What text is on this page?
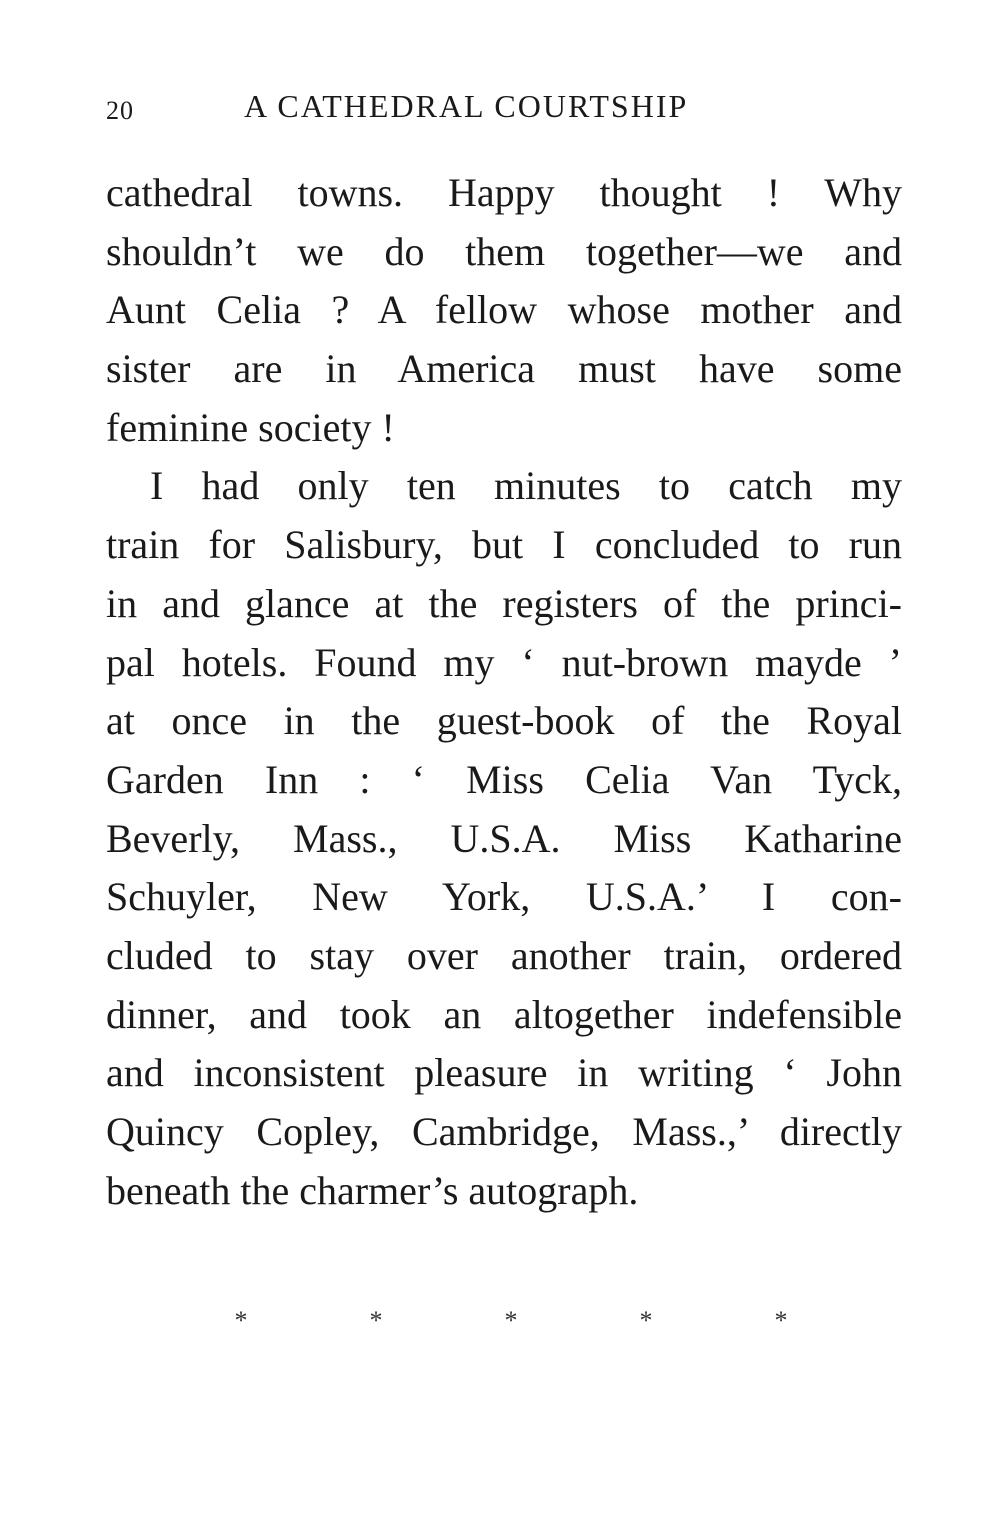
20	A CATHEDRAL COURTSHIP
cathedral towns. Happy thought ! Why
shouldn’t we do them together—we and
Aunt Celia ? A fellow whose mother and
sister are in America must have some
feminine society !
I had only ten minutes to catch my
train for Salisbury, but I concluded to run
in and glance at the registers of the princi-
pal hotels. Found my ‘ nut-brown mayde ’
at once in the guest-book of the Royal
Garden Inn : ‘ Miss Celia Van Tyck,
Beverly, Mass., U.S.A. Miss Katharine
Schuyler, New York, U.S.A.’ I con-
cluded to stay over another train, ordered
dinner, and took an altogether indefensible
and inconsistent pleasure in writing ‘ John
Quincy Copley, Cambridge, Mass.,’ directly
beneath the charmer’s autograph.
*	*	*	*	*
